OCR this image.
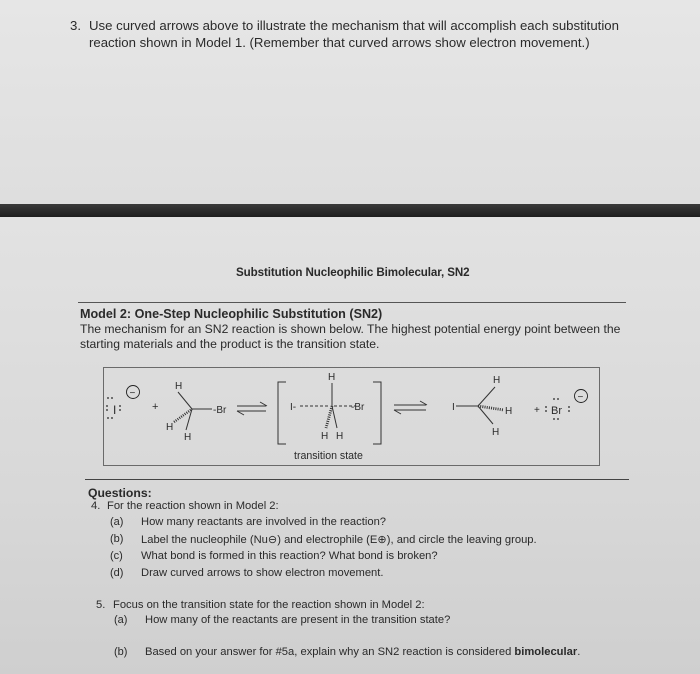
3. Use curved arrows above to illustrate the mechanism that will accomplish each substitution reaction shown in Model 1. (Remember that curved arrows show electron movement.)
Substitution Nucleophilic Bimolecular, SN2
Model 2: One-Step Nucleophilic Substitution (SN2)
The mechanism for an SN2 reaction is shown below. The highest potential energy point between the starting materials and the product is the transition state.
I
−
+
H
H
H
-Br
H
I-	-Br
H H
transition state
I
H
H
H
+ Br
−
Questions:
4. For the reaction shown in Model 2:
(a) How many reactants are involved in the reaction?
(b) Label the nucleophile (Nu⊖) and electrophile (E⊕), and circle the leaving group.
(c) What bond is formed in this reaction? What bond is broken?
(d) Draw curved arrows to show electron movement.
5. Focus on the transition state for the reaction shown in Model 2:
(a) How many of the reactants are present in the transition state?
(b) Based on your answer for #5a, explain why an SN2 reaction is considered bimolecular.
